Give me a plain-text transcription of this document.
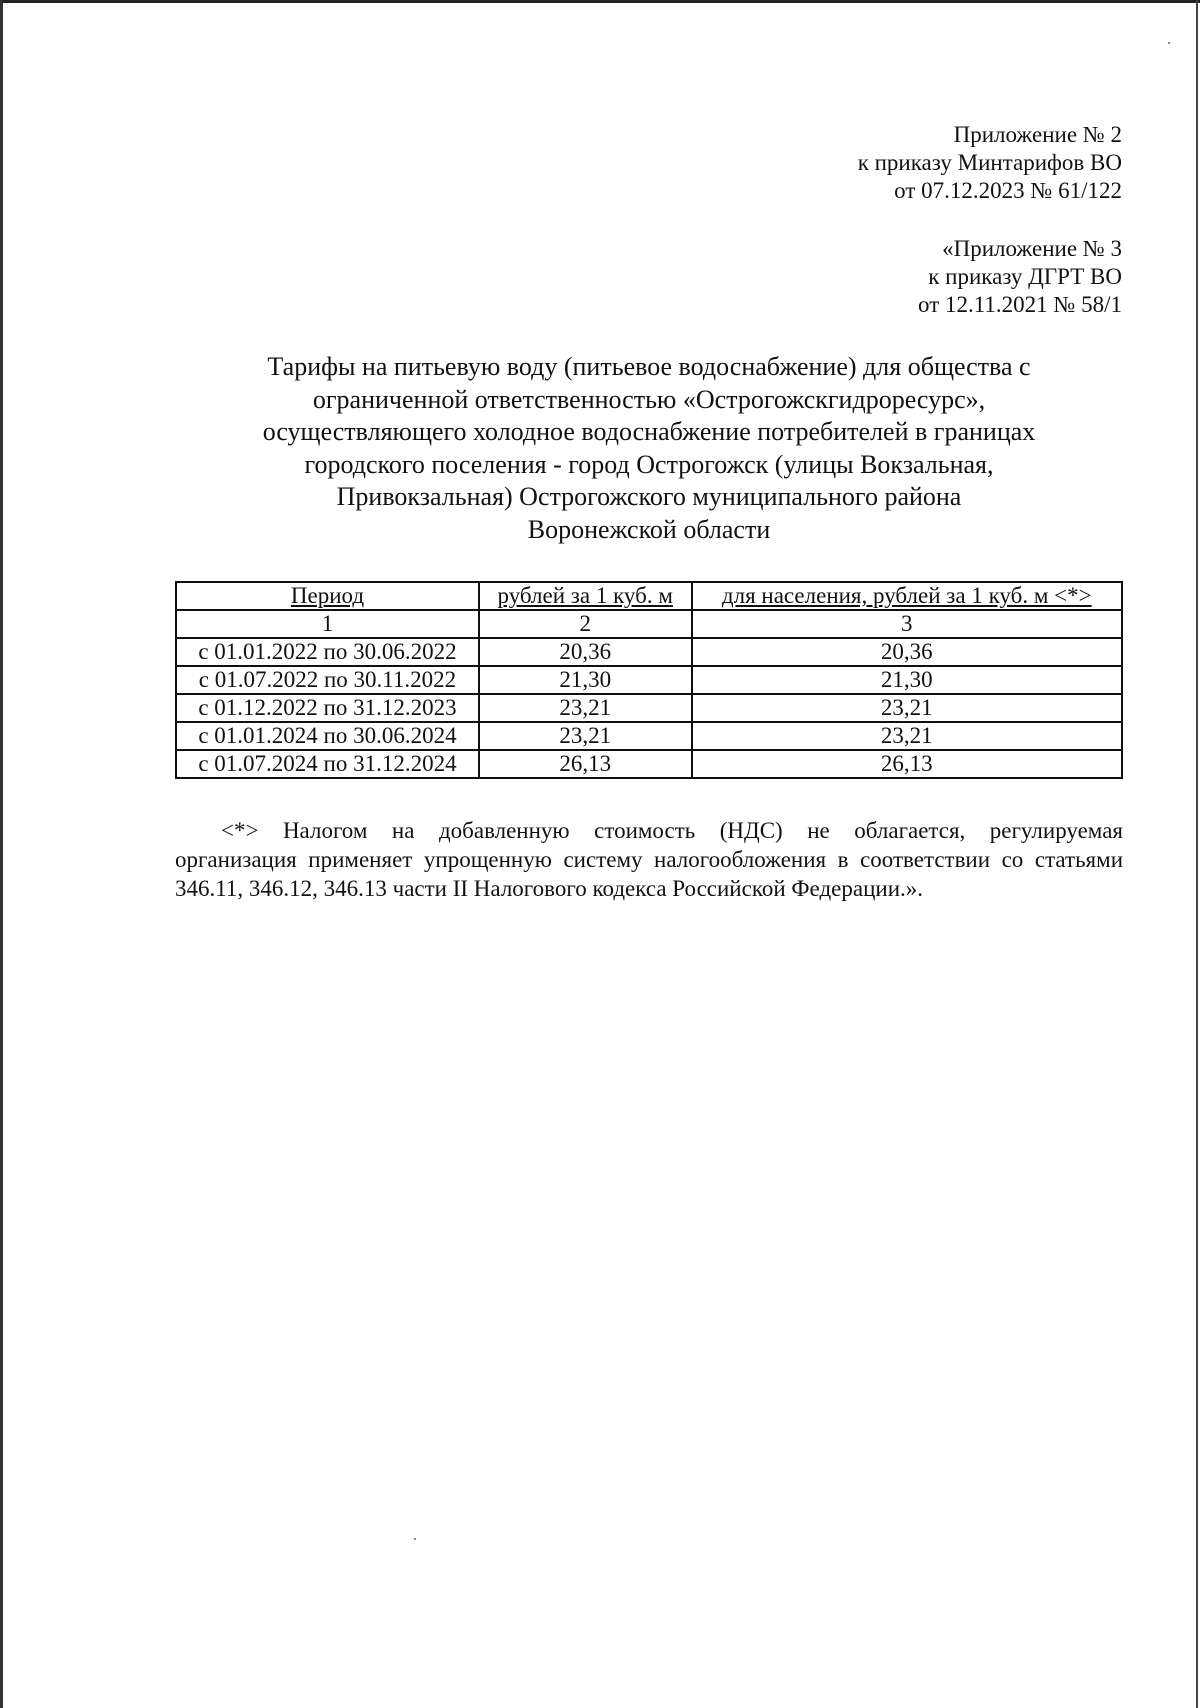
Приложение № 2
к приказу Минтарифов ВО
от 07.12.2023 № 61/122
«Приложение № 3
к приказу ДГРТ ВО
от 12.11.2021 № 58/1
Тарифы на питьевую воду (питьевое водоснабжение) для общества с
ограниченной ответственностью «Острогожскгидроресурс»,
осуществляющего холодное водоснабжение потребителей в границах
городского поселения - город Острогожск (улицы Вокзальная,
Привокзальная) Острогожского муниципального района
Воронежской области
Период	рублей за 1 куб. м	для населения, рублей за 1 куб. м <*>
1	2	3
с 01.01.2022 по 30.06.2022	20,36	20,36
с 01.07.2022 по 30.11.2022	21,30	21,30
с 01.12.2022 по 31.12.2023	23,21	23,21
с 01.01.2024 по 30.06.2024	23,21	23,21
с 01.07.2024 по 31.12.2024	26,13	26,13
<*> Налогом на добавленную стоимость (НДС) не облагается, регулируемая
организация применяет упрощенную систему налогообложения в соответствии со статьями
346.11, 346.12, 346.13 части II Налогового кодекса Российской Федерации.».
